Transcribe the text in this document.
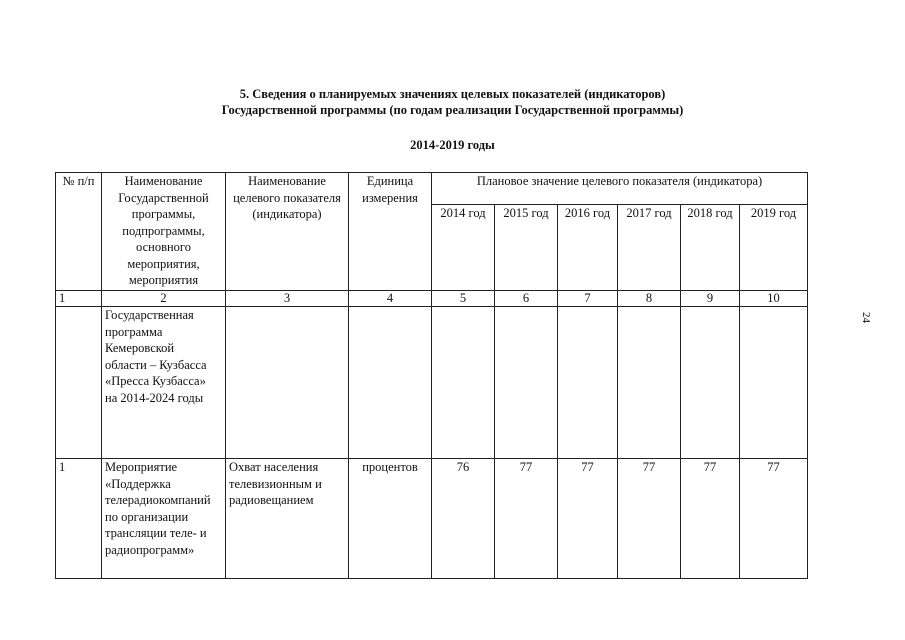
5. Сведения о планируемых значениях целевых показателей (индикаторов)
Государственной программы (по годам реализации Государственной программы)
2014-2019 годы
24
№ п/п	Наименование Государственной программы, подпрограммы, основного мероприятия, мероприятия	Наименование целевого показателя (индикатора)	Единица измерения	Плановое значение целевого показателя (индикатора)					
				2014 год	2015 год	2016 год	2017 год	2018 год	2019 год
1	2	3	4	5	6	7	8	9	10
	Государственная программа Кемеровской области – Кузбасса «Пресса Кузбасса» на 2014-2024 годы								
1	Мероприятие «Поддержка телерадиокомпаний по организации трансляции теле- и радиопрограмм»	Охват населения телевизионным и радиовещанием	процентов	76	77	77	77	77	77
